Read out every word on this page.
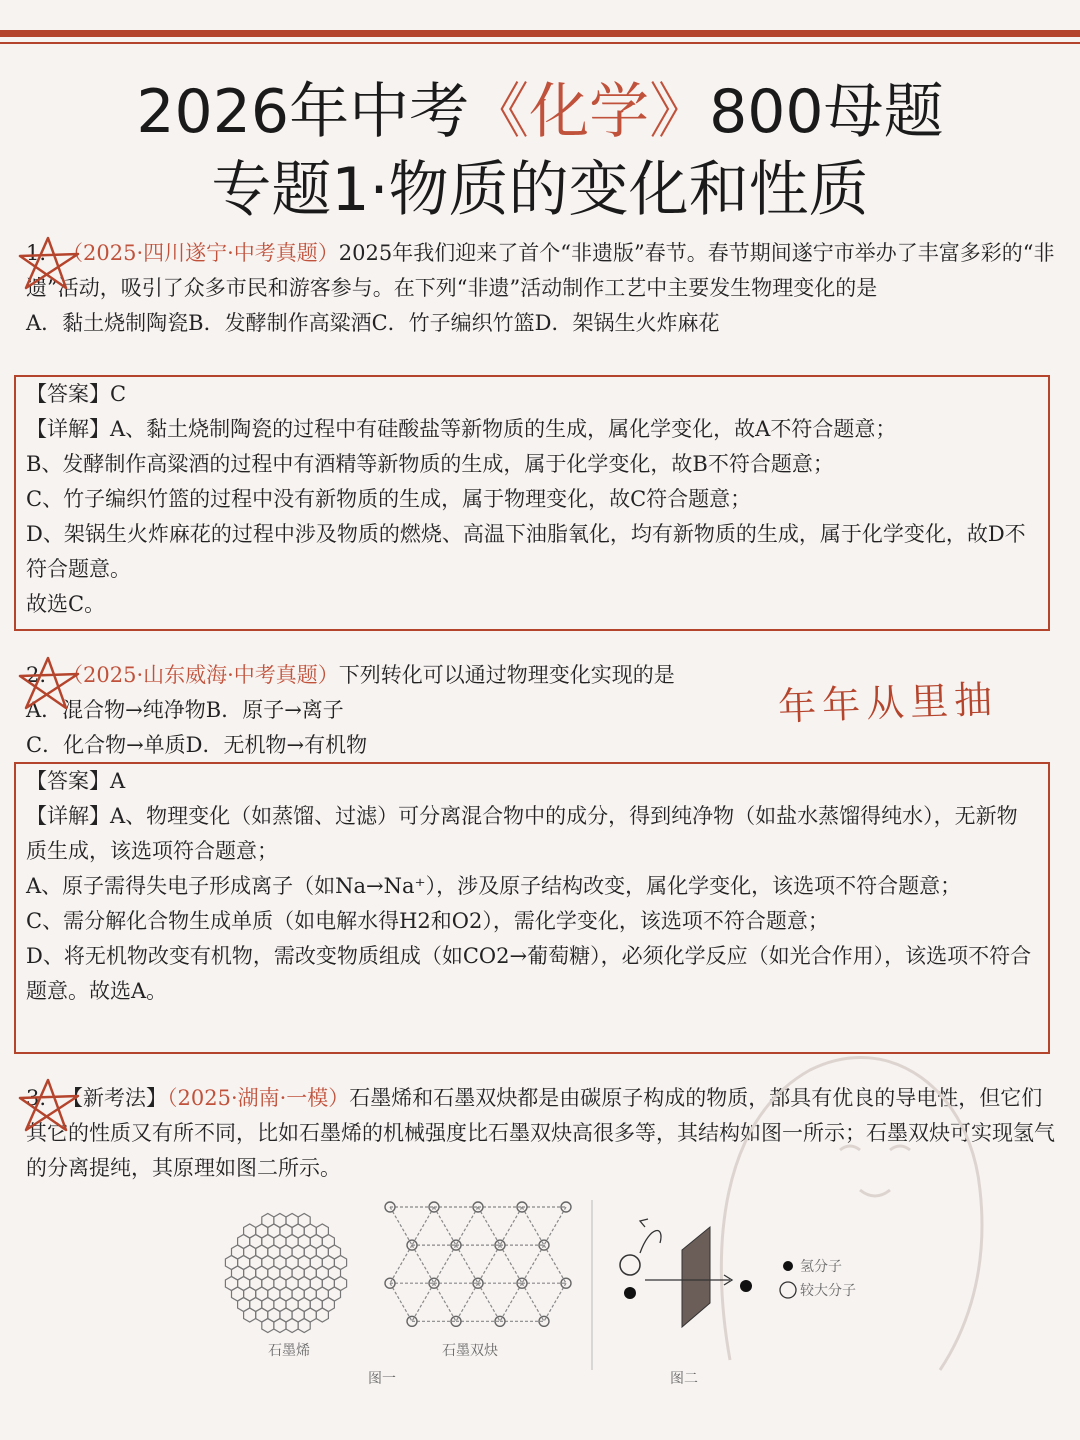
2026年中考《化学》800母题
专题1·物质的变化和性质

1. （2025·四川遂宁·中考真题）2025年我们迎来了首个“非遗版”春节。春节期间遂宁市举办了丰富多彩的“非遗”活动，吸引了众多市民和游客参与。在下列“非遗”活动制作工艺中主要发生物理变化的是

A．黏土烧制陶瓷B．发酵制作高粱酒C．竹子编织竹篮D．架锅生火炸麻花

【答案】C

【详解】A、黏土烧制陶瓷的过程中有硅酸盐等新物质的生成，属化学变化，故A不符合题意；

B、发酵制作高粱酒的过程中有酒精等新物质的生成，属于化学变化，故B不符合题意；

C、竹子编织竹篮的过程中没有新物质的生成，属于物理变化，故C符合题意；

D、架锅生火炸麻花的过程中涉及物质的燃烧、高温下油脂氧化，均有新物质的生成，属于化学变化，故D不符合题意。

故选C。

2. （2025·山东威海·中考真题）下列转化可以通过物理变化实现的是

A．混合物→纯净物B．原子→离子

C．化合物→单质D．无机物→有机物

年年从里抽

【答案】A

【详解】A、物理变化（如蒸馏、过滤）可分离混合物中的成分，得到纯净物（如盐水蒸馏得纯水），无新物质生成，该选项符合题意；

A、原子需得失电子形成离子（如Na→Na⁺），涉及原子结构改变，属化学变化，该选项不符合题意；

C、需分解化合物生成单质（如电解水得H2和O2），需化学变化，该选项不符合题意；

D、将无机物改变有机物，需改变物质组成（如CO2→葡萄糖），必须化学反应（如光合作用），该选项不符合题意。故选A。

3. 【新考法】（2025·湖南·一模）石墨烯和石墨双炔都是由碳原子构成的物质，都具有优良的导电性，但它们其它的性质又有所不同，比如石墨烯的机械强度比石墨双炔高很多等，其结构如图一所示；石墨双炔可实现氢气的分离提纯，其原理如图二所示。

氢分子
较大分子
石墨烯	石墨双炔
图一	图二
